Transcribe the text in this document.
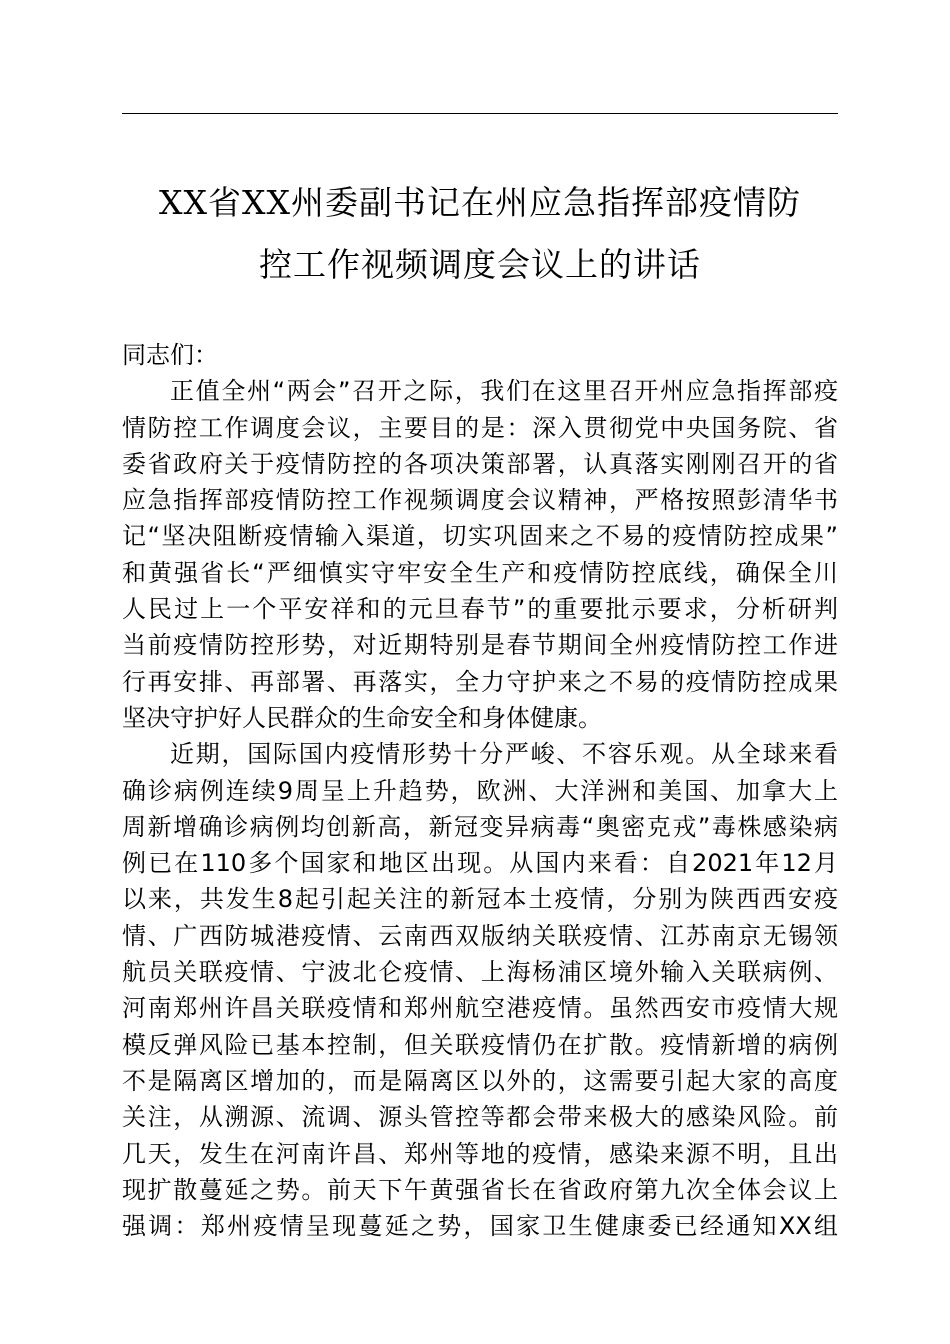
XX省XX州委副书记在州应急指挥部疫情防
控工作视频调度会议上的讲话

同志们：

正值全州“两会”召开之际，我们在这里召开州应急指挥部疫
情防控工作调度会议，主要目的是：深入贯彻党中央国务院、省
委省政府关于疫情防控的各项决策部署，认真落实刚刚召开的省
应急指挥部疫情防控工作视频调度会议精神，严格按照彭清华书
记“坚决阻断疫情输入渠道，切实巩固来之不易的疫情防控成果”
和黄强省长“严细慎实守牢安全生产和疫情防控底线，确保全川
人民过上一个平安祥和的元旦春节”的重要批示要求，分析研判
当前疫情防控形势，对近期特别是春节期间全州疫情防控工作进
行再安排、再部署、再落实，全力守护来之不易的疫情防控成果
坚决守护好人民群众的生命安全和身体健康。
近期，国际国内疫情形势十分严峻、不容乐观。从全球来看
确诊病例连续9周呈上升趋势，欧洲、大洋洲和美国、加拿大上
周新增确诊病例均创新高，新冠变异病毒“奥密克戎”毒株感染病
例已在110多个国家和地区出现。从国内来看：自2021年12月
以来，共发生8起引起关注的新冠本土疫情，分别为陕西西安疫
情、广西防城港疫情、云南西双版纳关联疫情、江苏南京无锡领
航员关联疫情、宁波北仑疫情、上海杨浦区境外输入关联病例、
河南郑州许昌关联疫情和郑州航空港疫情。虽然西安市疫情大规
模反弹风险已基本控制，但关联疫情仍在扩散。疫情新增的病例
不是隔离区增加的，而是隔离区以外的，这需要引起大家的高度
关注，从溯源、流调、源头管控等都会带来极大的感染风险。前
几天，发生在河南许昌、郑州等地的疫情，感染来源不明，且出
现扩散蔓延之势。前天下午黄强省长在省政府第九次全体会议上
强调：郑州疫情呈现蔓延之势，国家卫生健康委已经通知XX组
